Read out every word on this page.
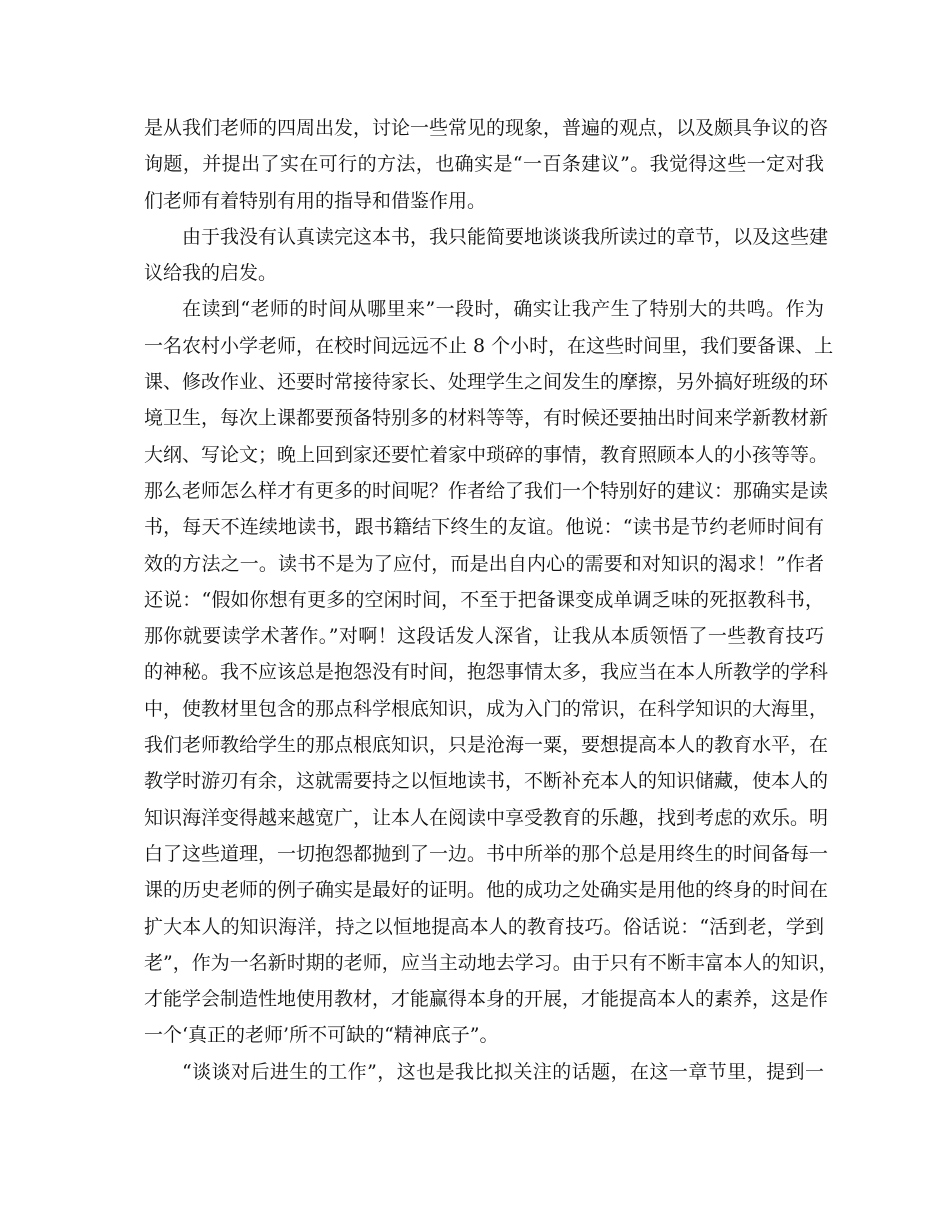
是从我们老师的四周出发，讨论一些常见的现象，普遍的观点，以及颇具争议的咨
询题，并提出了实在可行的方法，也确实是“一百条建议”。我觉得这些一定对我
们老师有着特别有用的指导和借鉴作用。
由于我没有认真读完这本书，我只能简要地谈谈我所读过的章节，以及这些建
议给我的启发。
在读到“老师的时间从哪里来”一段时，确实让我产生了特别大的共鸣。作为
一名农村小学老师，在校时间远远不止 8 个小时，在这些时间里，我们要备课、上
课、修改作业、还要时常接待家长、处理学生之间发生的摩擦，另外搞好班级的环
境卫生，每次上课都要预备特别多的材料等等，有时候还要抽出时间来学新教材新
大纲、写论文；晚上回到家还要忙着家中琐碎的事情，教育照顾本人的小孩等等。
那么老师怎么样才有更多的时间呢？作者给了我们一个特别好的建议：那确实是读
书，每天不连续地读书，跟书籍结下终生的友谊。他说：“读书是节约老师时间有
效的方法之一。读书不是为了应付，而是出自内心的需要和对知识的渴求！”作者
还说：“假如你想有更多的空闲时间，不至于把备课变成单调乏味的死抠教科书，
那你就要读学术著作。”对啊！这段话发人深省，让我从本质领悟了一些教育技巧
的神秘。我不应该总是抱怨没有时间，抱怨事情太多，我应当在本人所教学的学科
中，使教材里包含的那点科学根底知识，成为入门的常识，在科学知识的大海里，
我们老师教给学生的那点根底知识，只是沧海一粟，要想提高本人的教育水平，在
教学时游刃有余，这就需要持之以恒地读书，不断补充本人的知识储藏，使本人的
知识海洋变得越来越宽广，让本人在阅读中享受教育的乐趣，找到考虑的欢乐。明
白了这些道理，一切抱怨都抛到了一边。书中所举的那个总是用终生的时间备每一
课的历史老师的例子确实是最好的证明。他的成功之处确实是用他的终身的时间在
扩大本人的知识海洋，持之以恒地提高本人的教育技巧。俗话说：“活到老，学到
老”，作为一名新时期的老师，应当主动地去学习。由于只有不断丰富本人的知识，
才能学会制造性地使用教材，才能赢得本身的开展，才能提高本人的素养，这是作
一个‘真正的老师’所不可缺的“精神底子”。
“谈谈对后进生的工作”，这也是我比拟关注的话题，在这一章节里，提到一
